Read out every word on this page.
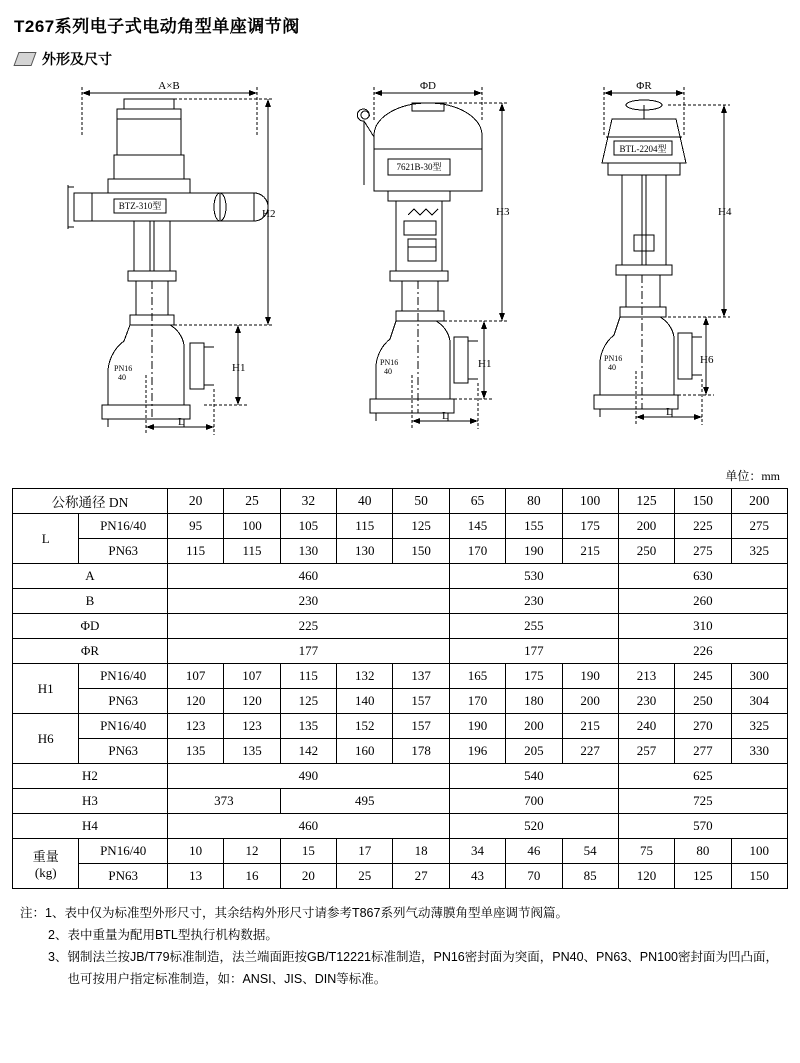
T267系列电子式电动角型单座调节阀
外形及尺寸
A×B
BTZ-310型
H2
H1
L
PN16
40
ΦD
7621B-30型
H3
H1
L
PN16
40
ΦR
BTL-2204型
H4
H6
L
PN16
40
单位：mm
公称通径 DN		20	25	32	40	50	65	80	100	125	150	200
L	PN16/40	95	100	105	115	125	145	155	175	200	225	275
	PN63	115	115	130	130	150	170	190	215	250	275	325
A		460					530			630		
B		230					230			260		
ΦD		225					255			310		
ΦR		177					177			226		
H1	PN16/40	107	107	115	132	137	165	175	190	213	245	300
	PN63	120	120	125	140	157	170	180	200	230	250	304
H6	PN16/40	123	123	135	152	157	190	200	215	240	270	325
	PN63	135	135	142	160	178	196	205	227	257	277	330
H2		490					540			625		
H3		373		495			700			725		
H4		460					520			570		

重量
(kg)	PN16/40	10	12	15	17	18	34	46	54	75	80	100
	PN63	13	16	20	25	27	43	70	85	120	125	150
注： 1、 表中仅为标准型外形尺寸，其余结构外形尺寸请参考T867系列气动薄膜角型单座调节阀篇。
2、 表中重量为配用BTL型执行机构数据。
3、 钢制法兰按JB/T79标准制造，法兰端面距按GB/T12221标准制造，PN16密封面为突面，PN40、PN63、PN100密封面为凹凸面，也可按用户指定标准制造，如：ANSI、JIS、DIN等标准。
